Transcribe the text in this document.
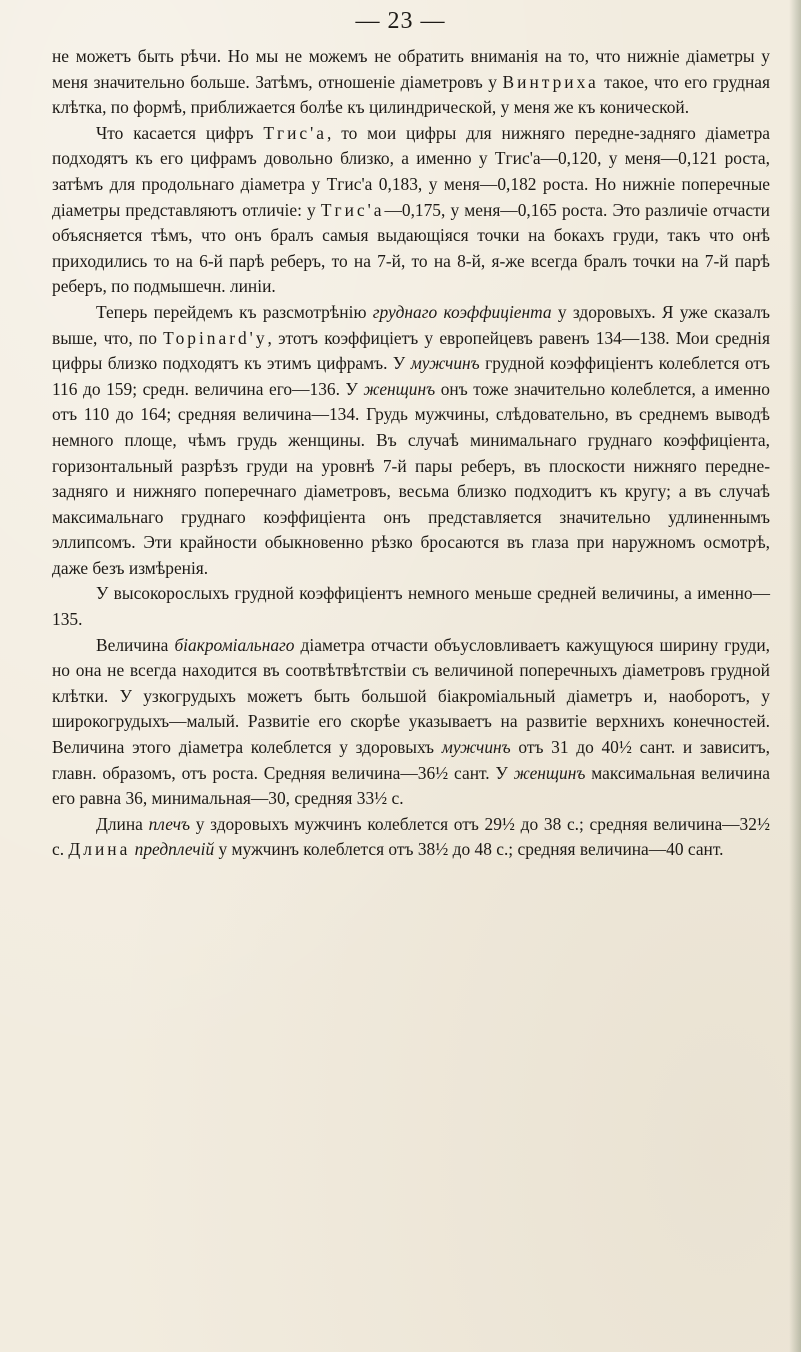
— 23 —

не можетъ быть рѣчи. Но мы не можемъ не обратить вниманія на то, что нижніе діаметры у меня значительно больше. Затѣмъ, отношеніе діаметровъ у Винтриха такое, что его грудная клѣтка, по формѣ, приближается болѣе къ цилиндрической, у меня же къ конической.

Что касается цифръ Тгис'а, то мои цифры для нижняго передне-задняго діаметра подходятъ къ его цифрамъ довольно близко, а именно у Тгис'а—0,120, у меня—0,121 роста, затѣмъ для продольнаго діаметра у Тгис'а 0,183, у меня—0,182 роста. Но нижніе поперечные діаметры представляютъ отличіе: у Тгис'а—0,175, у меня—0,165 роста. Это различіе отчасти объясняется тѣмъ, что онъ бралъ самыя выдающіяся точки на бокахъ груди, такъ что онѣ приходились то на 6-й парѣ реберъ, то на 7-й, то на 8-й, я-же всегда бралъ точки на 7-й парѣ реберъ, по подмышечн. линіи.

Теперь перейдемъ къ разсмотрѣнію груднаго коэффиціента у здоровыхъ. Я уже сказалъ выше, что, по Topinard'у, этотъ коэффиціетъ у европейцевъ равенъ 134—138. Мои среднія цифры близко подходятъ къ этимъ цифрамъ. У мужчинъ грудной коэффиціентъ колеблется отъ 116 до 159; средн. величина его—136. У женщинъ онъ тоже значительно колеблется, а именно отъ 110 до 164; средняя величина—134. Грудь мужчины, слѣдовательно, въ среднемъ выводѣ немного площе, чѣмъ грудь женщины. Въ случаѣ минимальнаго груднаго коэффиціента, горизонтальный разрѣзъ груди на уровнѣ 7-й пары реберъ, въ плоскости нижняго передне-задняго и нижняго поперечнаго діаметровъ, весьма близко подходитъ къ кругу; а въ случаѣ максимальнаго груднаго коэффиціента онъ представляется значительно удлиненнымъ эллипсомъ. Эти крайности обыкновенно рѣзко бросаются въ глаза при наружномъ осмотрѣ, даже безъ измѣренія.

У высокорослыхъ грудной коэффиціентъ немного меньше средней величины, а именно—135.

Величина біакроміальнаго діаметра отчасти объусловливаетъ кажущуюся ширину груди, но она не всегда находится въ соотвѣтвѣтствіи съ величиной поперечныхъ діаметровъ грудной клѣтки. У узкогрудыхъ можетъ быть большой біакроміальный діаметръ и, наоборотъ, у широкогрудыхъ—малый. Развитіе его скорѣе указываетъ на развитіе верхнихъ конечностей. Величина этого діаметра колеблется у здоровыхъ мужчинъ отъ 31 до 40½ сант. и зависитъ, главн. образомъ, отъ роста. Средняя величина—36½ сант. У женщинъ максимальная величина его равна 36, минимальная—30, средняя 33½ с.

Длина плечъ у здоровыхъ мужчинъ колеблется отъ 29½ до 38 с.; средняя величина—32½ с. Длина предплечій у мужчинъ колеблется отъ 38½ до 48 с.; средняя величина—40 сант.
